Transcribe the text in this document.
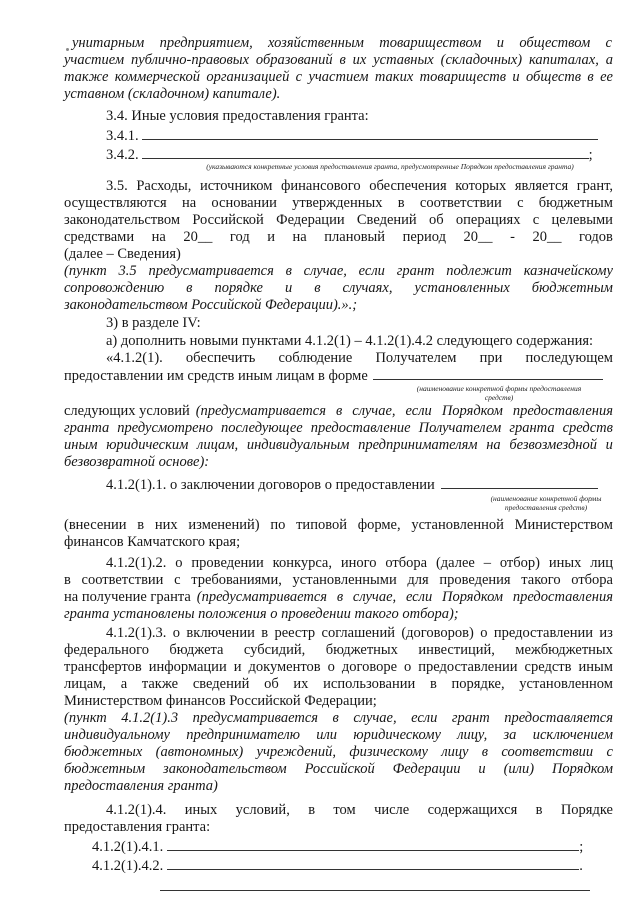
унитарным предприятием, хозяйственным товариществом и обществом с
участием публично-правовых образований в их уставных (складочных) капиталах, а
также коммерческой организацией с участием таких товариществ и обществ в ее
уставном (складочном) капитале).
3.4. Иные условия предоставления гранта:
3.4.1.
3.4.2.	;
(указываются конкретные условия предоставления гранта, предусмотренные Порядком предоставления гранта)
3.5. Расходы, источником финансового обеспечения которых является грант,
осуществляются на основании утвержденных в соответствии с бюджетным
законодательством Российской Федерации Сведений об операциях с целевыми
средствами на 20__ год и на плановый период 20__ - 20__ годов
(далее – Сведения)
(пункт 3.5 предусматривается в случае, если грант подлежит казначейскому
сопровождению в порядке и в случаях, установленных бюджетным
законодательством Российской Федерации).».;
3) в разделе IV:
а) дополнить новыми пунктами 4.1.2(1) – 4.1.2(1).4.2 следующего содержания:
«4.1.2(1). обеспечить соблюдение Получателем при последующем
предоставлении им средств иным лицам в форме
(наименование конкретной формы предоставления
средств)
следующих условий (предусматривается в случае, если Порядком предоставления
гранта предусмотрено последующее предоставление Получателем гранта средств
иным юридическим лицам, индивидуальным предпринимателям на безвозмездной и
безвозвратной основе):
4.1.2(1).1. о заключении договоров о предоставлении
(наименование конкретной формы
предоставления средств)
(внесении в них изменений) по типовой форме, установленной Министерством
финансов Камчатского края;
4.1.2(1).2. о проведении конкурса, иного отбора (далее – отбор) иных лиц
в соответствии с требованиями, установленными для проведения такого отбора
на получение гранта (предусматривается в случае, если Порядком предоставления
гранта установлены положения о проведении такого отбора);
4.1.2(1).3. о включении в реестр соглашений (договоров) о предоставлении из
федерального бюджета субсидий, бюджетных инвестиций, межбюджетных
трансфертов информации и документов о договоре о предоставлении средств иным
лицам, а также сведений об их использовании в порядке, установленном
Министерством финансов Российской Федерации;
(пункт 4.1.2(1).3 предусматривается в случае, если грант предоставляется
индивидуальному предпринимателю или юридическому лицу, за исключением
бюджетных (автономных) учреждений, физическому лицу в соответствии с
бюджетным законодательством Российской Федерации и (или) Порядком
предоставления гранта)
4.1.2(1).4. иных условий, в том числе содержащихся в Порядке
предоставления гранта:
4.1.2(1).4.1.	;
4.1.2(1).4.2.	.
